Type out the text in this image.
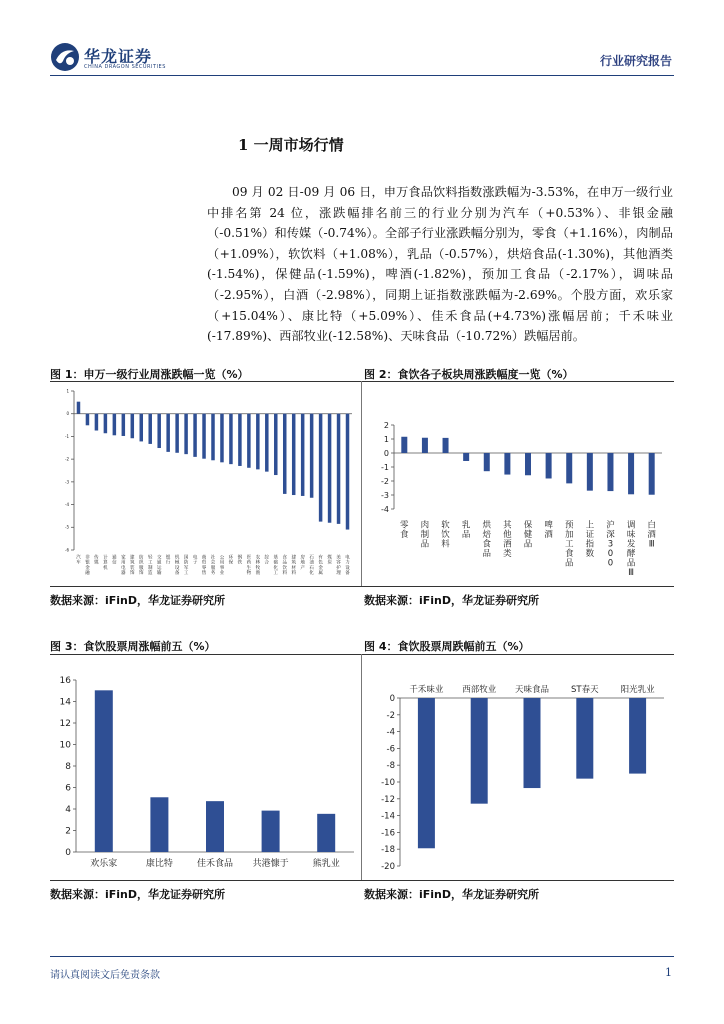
华龙证券
CHINA DRAGON SECURITIES	行业研究报告
1 一周市场行情

09 月 02 日-09 月 06 日，申万食品饮料指数涨跌幅为-3.53%，在申万一级行业中排名第 24 位，涨跌幅排名前三的行业分别为汽车（+0.53%）、非银金融（-0.51%）和传媒（-0.74%）。全部子行业涨跌幅分别为，零食（+1.16%），肉制品（+1.09%），软饮料（+1.08%），乳品（-0.57%），烘焙食品(-1.30%)，其他酒类(-1.54%)，保健品(-1.59%)，啤酒(-1.82%)，预加工食品（-2.17%），调味品（-2.95%），白酒（-2.98%），同期上证指数涨跌幅为-2.69%。个股方面，欢乐家（+15.04%）、康比特（+5.09%）、佳禾食品(+4.73%)涨幅居前；千禾味业(-17.89%)、西部牧业(-12.58%)、天味食品（-10.72%）跌幅居前。

图 1：申万一级行业周涨跌幅一览（%）	图 2：食饮各子板块周涨跌幅度一览（%）
数据来源：iFinD，华龙证券研究所	数据来源：iFinD，华龙证券研究所
1
0
-1
-2
-3
-4
-5
-6
汽车
非银金融
传媒
计算机
通信
家用电器
建筑装饰
纺织服饰
轻工制造
交通运输
银行
机械设备
国防军工
电子
商贸零售
社会服务
公用事业
环保
钢铁
医药生物
农林牧渔
综合
基础化工
食品饮料
建筑材料
房地产
石油石化
有色金属
煤炭
美容护理
电力设备
2
1
0
-1
-2
-3
-4
零食
肉制品
软饮料
乳品
烘焙食品
其他酒类
保健品
啤酒
预加工食品
上证指数
沪深 3 0 0
调味发酵品 Ⅲ
白酒 Ⅲ
图 3：食饮股票周涨幅前五（%）	图 4：食饮股票周跌幅前五（%）
数据来源：iFinD，华龙证券研究所	数据来源：iFinD，华龙证券研究所
16
14
12
10
8
6
4
2
0
欢乐家	康比特	佳禾食品 共港慷于	熊乳业
0
-2
-4
-6
-8
-10
-12
-14
-16
-18
-20
千禾味业 西部牧业 天味食品	ST春天	阳光乳业
请认真阅读文后免责条款	1
